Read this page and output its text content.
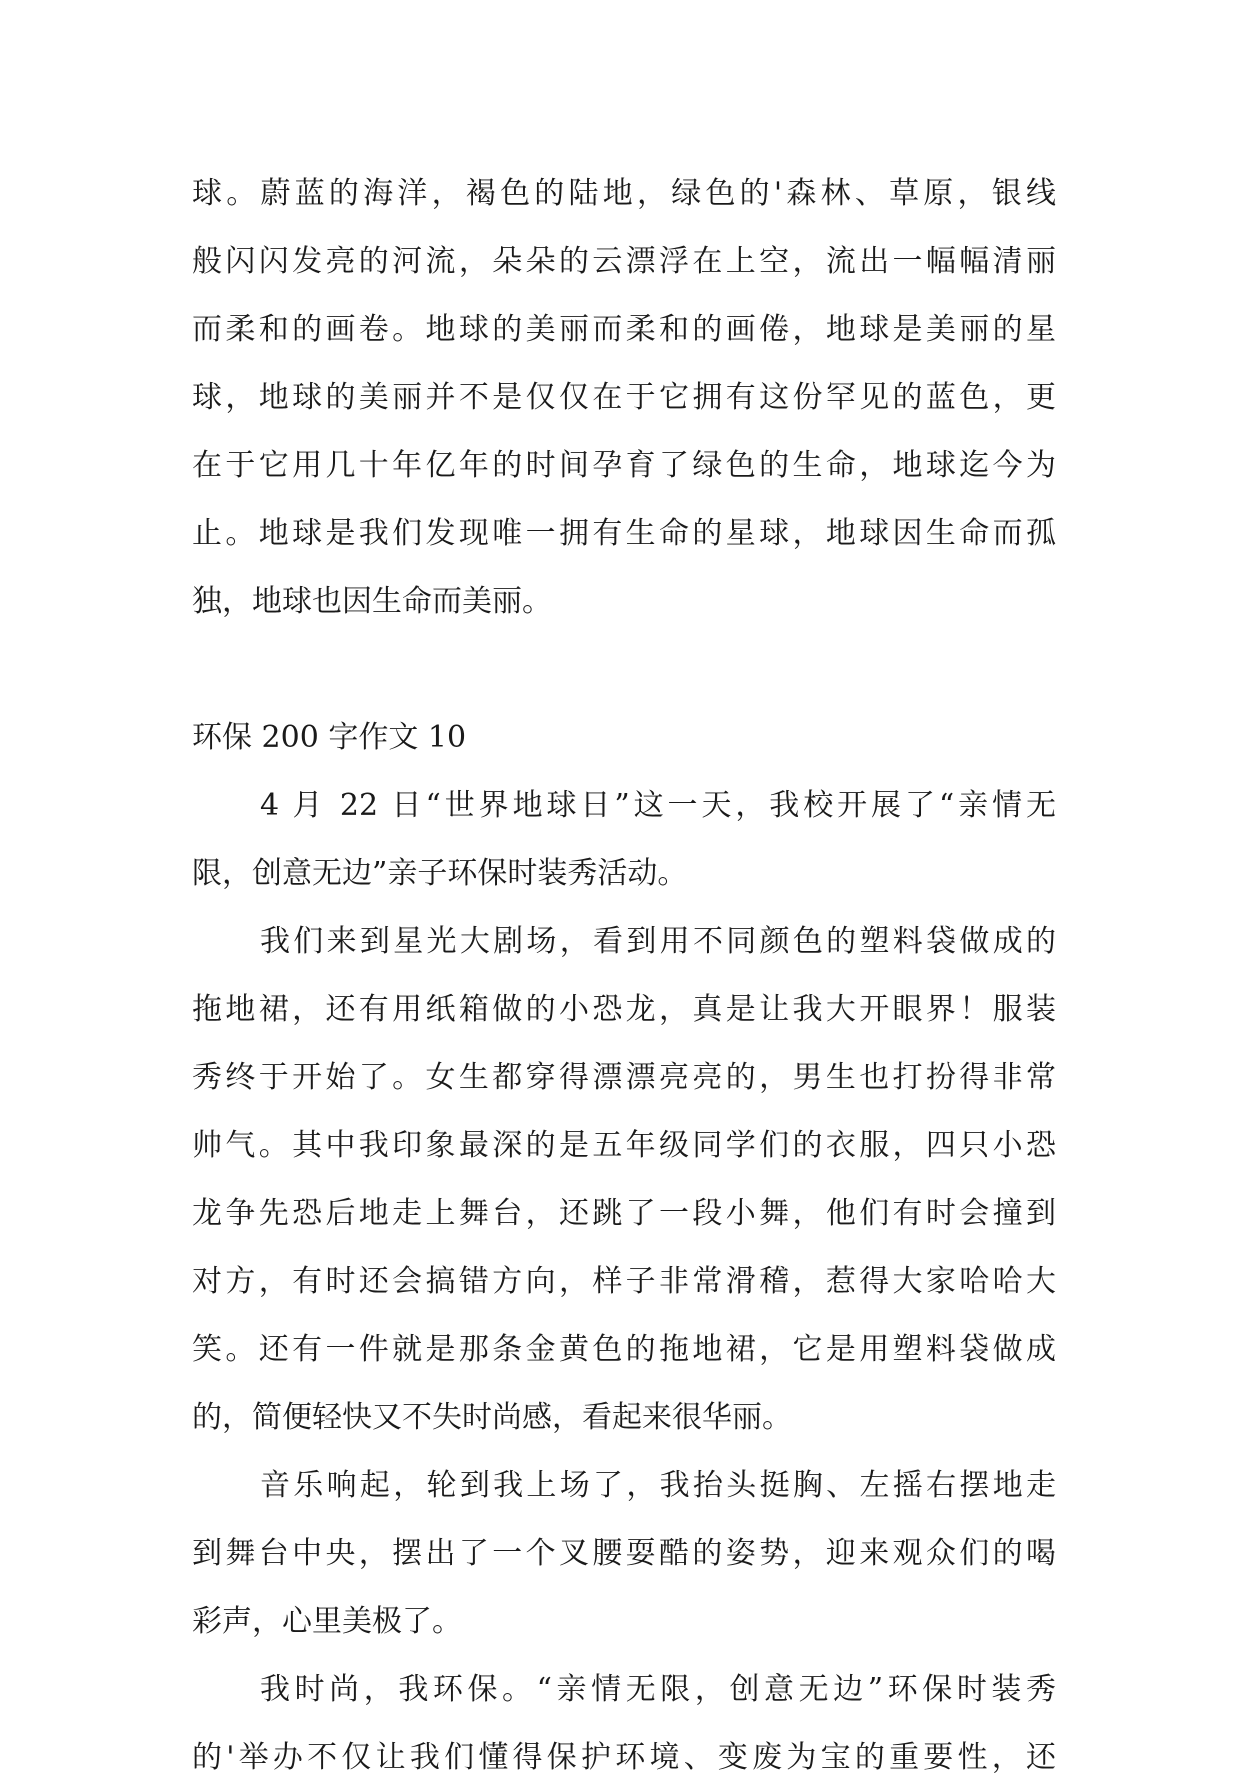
球。蔚蓝的海洋，褐色的陆地，绿色的'森林、草原，银线
般闪闪发亮的河流，朵朵的云漂浮在上空，流出一幅幅清丽
而柔和的画卷。地球的美丽而柔和的画倦，地球是美丽的星
球，地球的美丽并不是仅仅在于它拥有这份罕见的蓝色，更
在于它用几十年亿年的时间孕育了绿色的生命，地球迄今为
止。地球是我们发现唯一拥有生命的星球，地球因生命而孤
独，地球也因生命而美丽。
环保 200 字作文 10
4 月 22 日“世界地球日”这一天，我校开展了“亲情无
限，创意无边”亲子环保时装秀活动。
我们来到星光大剧场，看到用不同颜色的塑料袋做成的
拖地裙，还有用纸箱做的小恐龙，真是让我大开眼界！服装
秀终于开始了。女生都穿得漂漂亮亮的，男生也打扮得非常
帅气。其中我印象最深的是五年级同学们的衣服，四只小恐
龙争先恐后地走上舞台，还跳了一段小舞，他们有时会撞到
对方，有时还会搞错方向，样子非常滑稽，惹得大家哈哈大
笑。还有一件就是那条金黄色的拖地裙，它是用塑料袋做成
的，简便轻快又不失时尚感，看起来很华丽。
音乐响起，轮到我上场了，我抬头挺胸、左摇右摆地走
到舞台中央，摆出了一个叉腰耍酷的姿势，迎来观众们的喝
彩声，心里美极了。
我时尚，我环保。“亲情无限，创意无边”环保时装秀
的'举办不仅让我们懂得保护环境、变废为宝的重要性，还
